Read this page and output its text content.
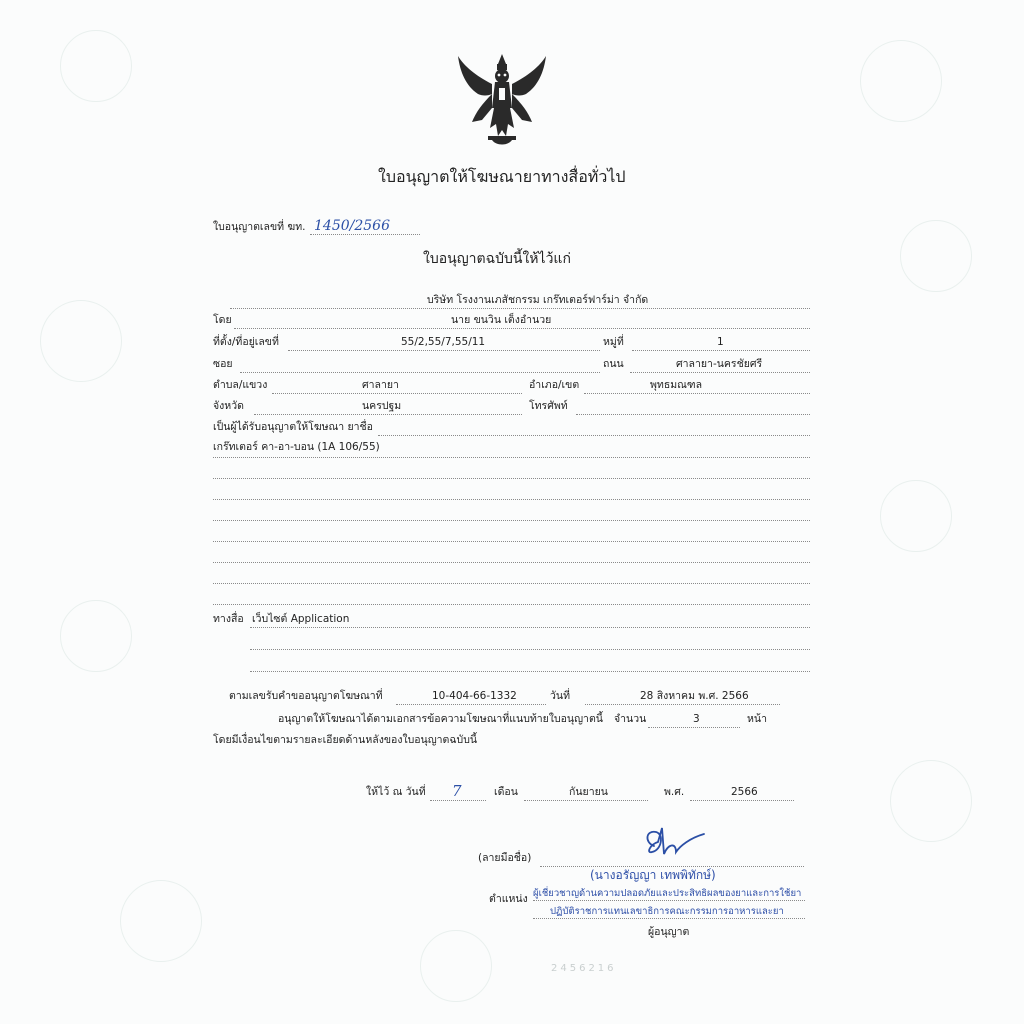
ใบอนุญาตให้โฆษณายาทางสื่อทั่วไป
ใบอนุญาตเลขที่ ฆท. 1450/2566
ใบอนุญาตฉบับนี้ให้ไว้แก่
บริษัท โรงงานเภสัชกรรม เกร๊ทเตอร์ฟาร์ม่า จำกัด
โดย	นาย ขนวิน เต็งอำนวย
ที่ตั้ง/ที่อยู่เลขที่	55/2,55/7,55/11	หมู่ที่	1
ซอย	ถนน	ศาลายา-นครชัยศรี
ตำบล/แขวง	ศาลายา	อำเภอ/เขต	พุทธมณฑล
จังหวัด	นครปฐม	โทรศัพท์
เป็นผู้ได้รับอนุญาตให้โฆษณา ยาชื่อ
เกร๊ทเตอร์ คา-อา-บอน (1A 106/55)
ทางสื่อ เว็บไซต์ Application
ตามเลขรับคำขออนุญาตโฆษณาที่	10-404-66-1332	วันที่	28 สิงหาคม พ.ศ. 2566
อนุญาตให้โฆษณาได้ตามเอกสารข้อความโฆษณาที่แนบท้ายใบอนุญาตนี้ จำนวน	3	หน้า
โดยมีเงื่อนไขตามรายละเอียดด้านหลังของใบอนุญาตฉบับนี้
ให้ไว้ ณ วันที่ 7	เดือน	กันยายน	พ.ศ.	2566
(ลายมือชื่อ)
(นางอรัญญา เทพพิทักษ์)
ตำแหน่ง ผู้เชี่ยวชาญด้านความปลอดภัยและประสิทธิผลของยาและการใช้ยา
ปฏิบัติราชการแทนเลขาธิการคณะกรรมการอาหารและยา
ผู้อนุญาต
2456216
